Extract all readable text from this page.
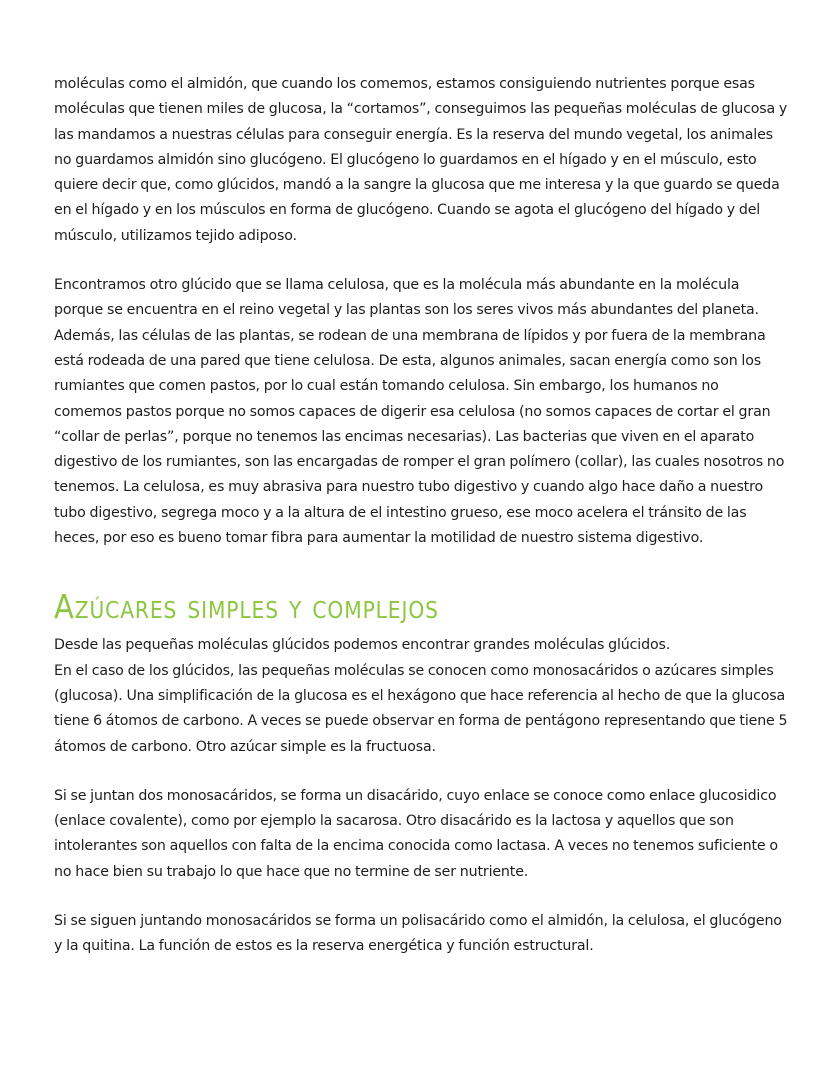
moléculas como el almidón, que cuando los comemos, estamos consiguiendo nutrientes porque esas moléculas que tienen miles de glucosa, la “cortamos”, conseguimos las pequeñas moléculas de glucosa y las mandamos a nuestras células para conseguir energía. Es la reserva del mundo vegetal, los animales no guardamos almidón sino glucógeno. El glucógeno lo guardamos en el hígado y en el músculo, esto quiere decir que, como glúcidos, mandó a la sangre la glucosa que me interesa y la que guardo se queda en el hígado y en los músculos en forma de glucógeno. Cuando se agota el glucógeno del hígado y del músculo, utilizamos tejido adiposo.

Encontramos otro glúcido que se llama celulosa, que es la molécula más abundante en la molécula porque se encuentra en el reino vegetal y las plantas son los seres vivos más abundantes del planeta. Además, las células de las plantas, se rodean de una membrana de lípidos y por fuera de la membrana está rodeada de una pared que tiene celulosa. De esta, algunos animales, sacan energía como son los rumiantes que comen pastos, por lo cual están tomando celulosa. Sin embargo, los humanos no comemos pastos porque no somos capaces de digerir esa celulosa (no somos capaces de cortar el gran “collar de perlas”, porque no tenemos las encimas necesarias). Las bacterias que viven en el aparato digestivo de los rumiantes, son las encargadas de romper el gran polímero (collar), las cuales nosotros no tenemos. La celulosa, es muy abrasiva para nuestro tubo digestivo y cuando algo hace daño a nuestro tubo digestivo, segrega moco y a la altura de el intestino grueso, ese moco acelera el tránsito de las heces, por eso es bueno tomar fibra para aumentar la motilidad de nuestro sistema digestivo.

Azúcares simples y complejos

Desde las pequeñas moléculas glúcidos podemos encontrar grandes moléculas glúcidos.

En el caso de los glúcidos, las pequeñas moléculas se conocen como monosacáridos o azúcares simples (glucosa). Una simplificación de la glucosa es el hexágono que hace referencia al hecho de que la glucosa tiene 6 átomos de carbono. A veces se puede observar en forma de pentágono representando que tiene 5 átomos de carbono. Otro azúcar simple es la fructuosa.

Si se juntan dos monosacáridos, se forma un disacárido, cuyo enlace se conoce como enlace glucosidico (enlace covalente), como por ejemplo la sacarosa. Otro disacárido es la lactosa y aquellos que son intolerantes son aquellos con falta de la encima conocida como lactasa. A veces no tenemos suficiente o no hace bien su trabajo lo que hace que no termine de ser nutriente.

Si se siguen juntando monosacáridos se forma un polisacárido como el almidón, la celulosa, el glucógeno y la quitina. La función de estos es la reserva energética y función estructural.
